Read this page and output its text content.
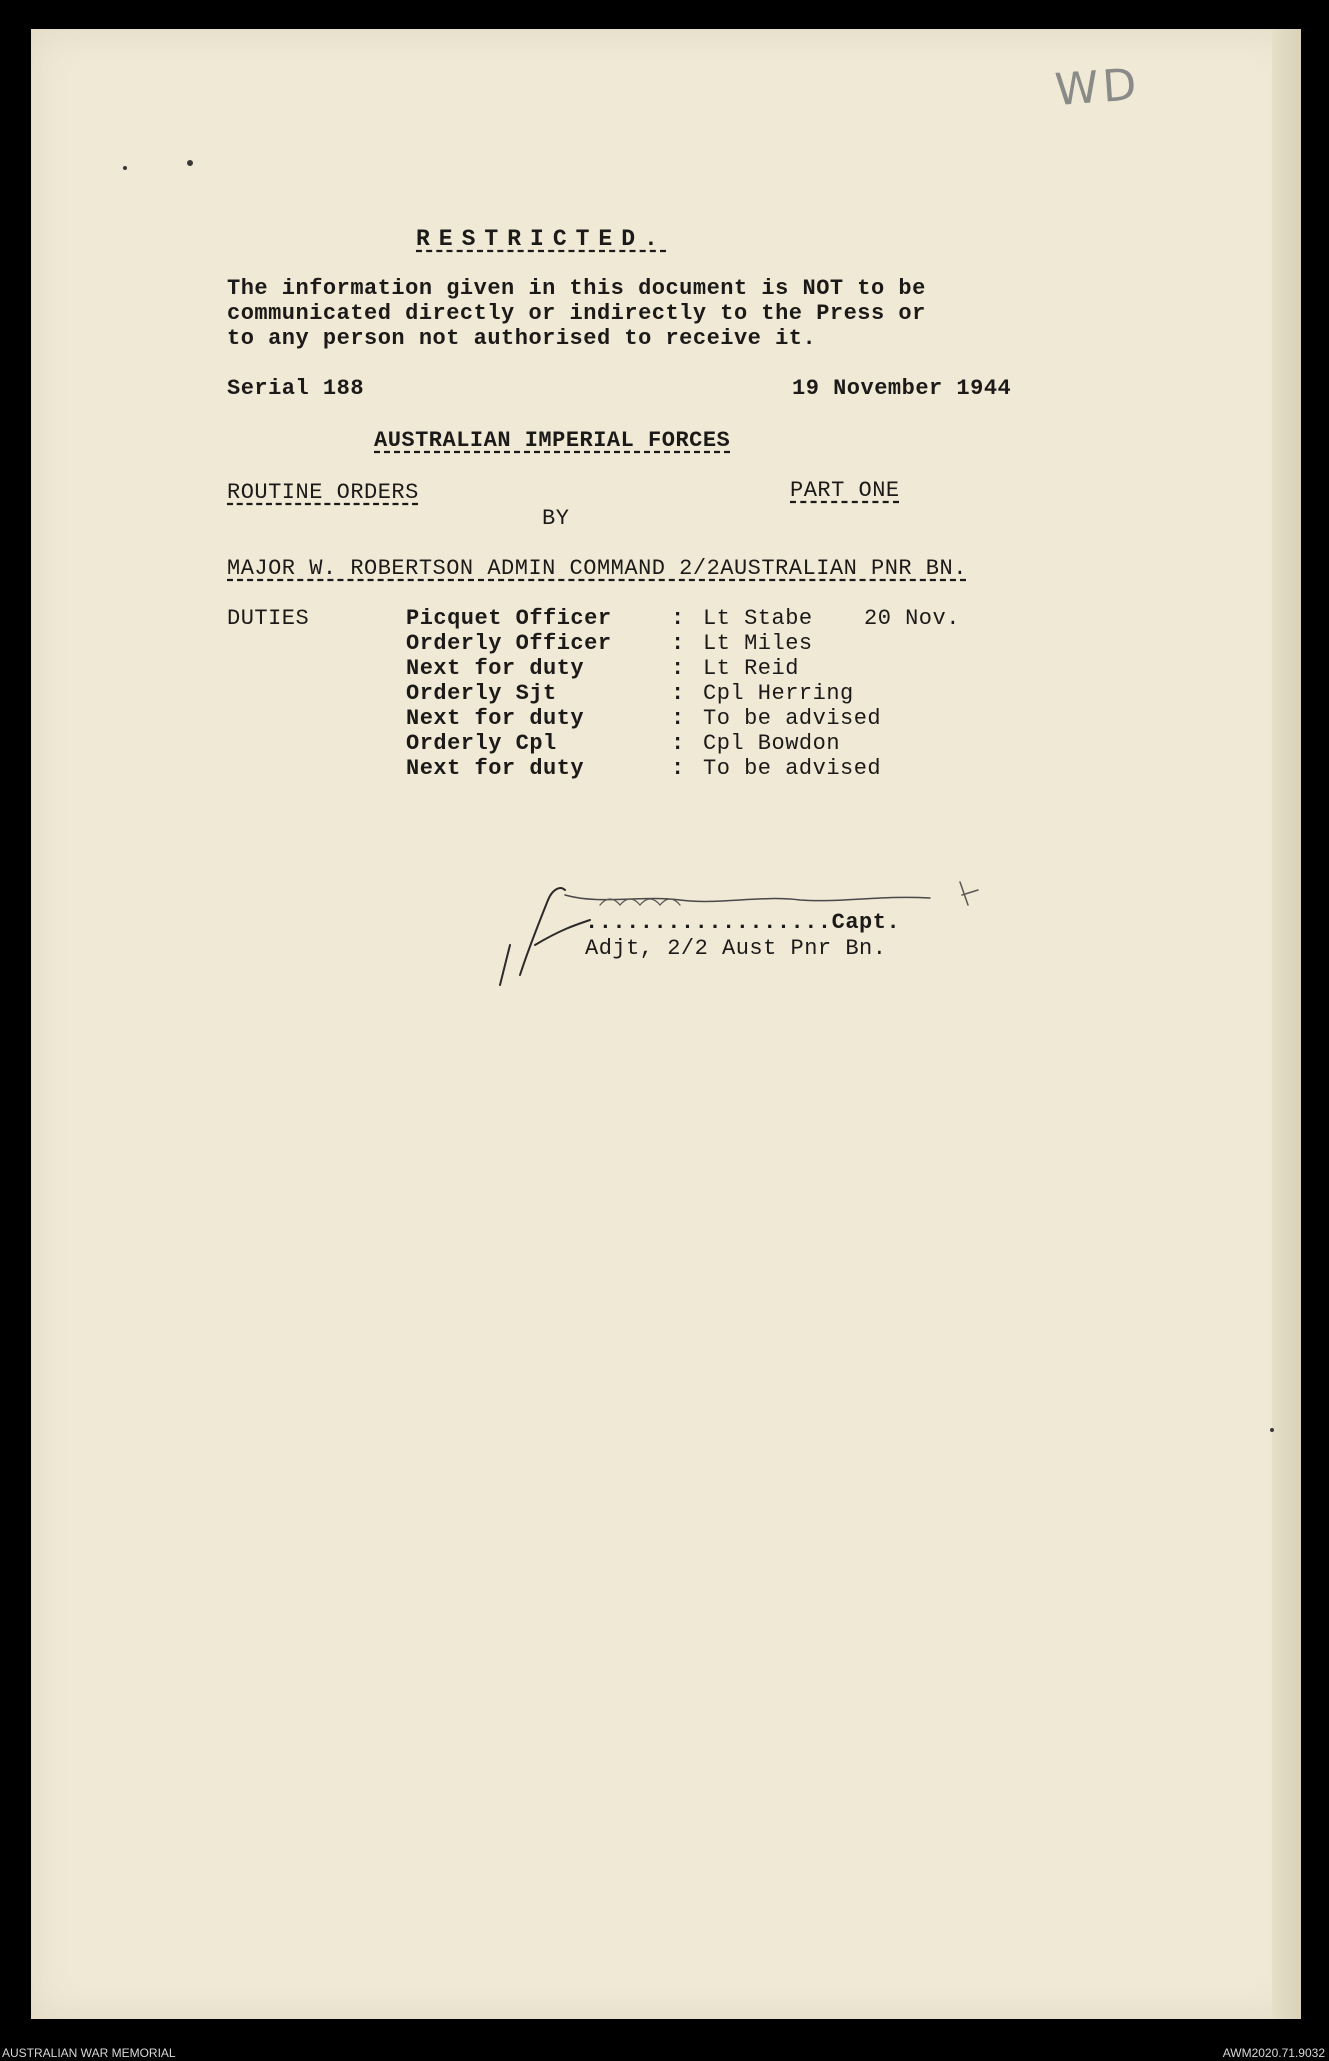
WD
RESTRICTED.
The information given in this document is NOT to be
communicated directly or indirectly to the Press or
to any person not authorised to receive it.
Serial 188	19 November 1944
AUSTRALIAN IMPERIAL FORCES
ROUTINE ORDERS	PART ONE
BY
MAJOR W. ROBERTSON ADMIN COMMAND 2/2AUSTRALIAN PNR BN.
DUTIES	Picquet Officer	: Lt Stabe 20 Nov.
Orderly Officer	: Lt Miles
Next for duty	: Lt Reid
Orderly Sjt	: Cpl Herring
Next for duty	: To be advised
Orderly Cpl	: Cpl Bowdon
Next for duty	: To be advised
..................Capt.
Adjt, 2/2 Aust Pnr Bn.
AUSTRALIAN WAR MEMORIAL	AWM2020.71.9032
